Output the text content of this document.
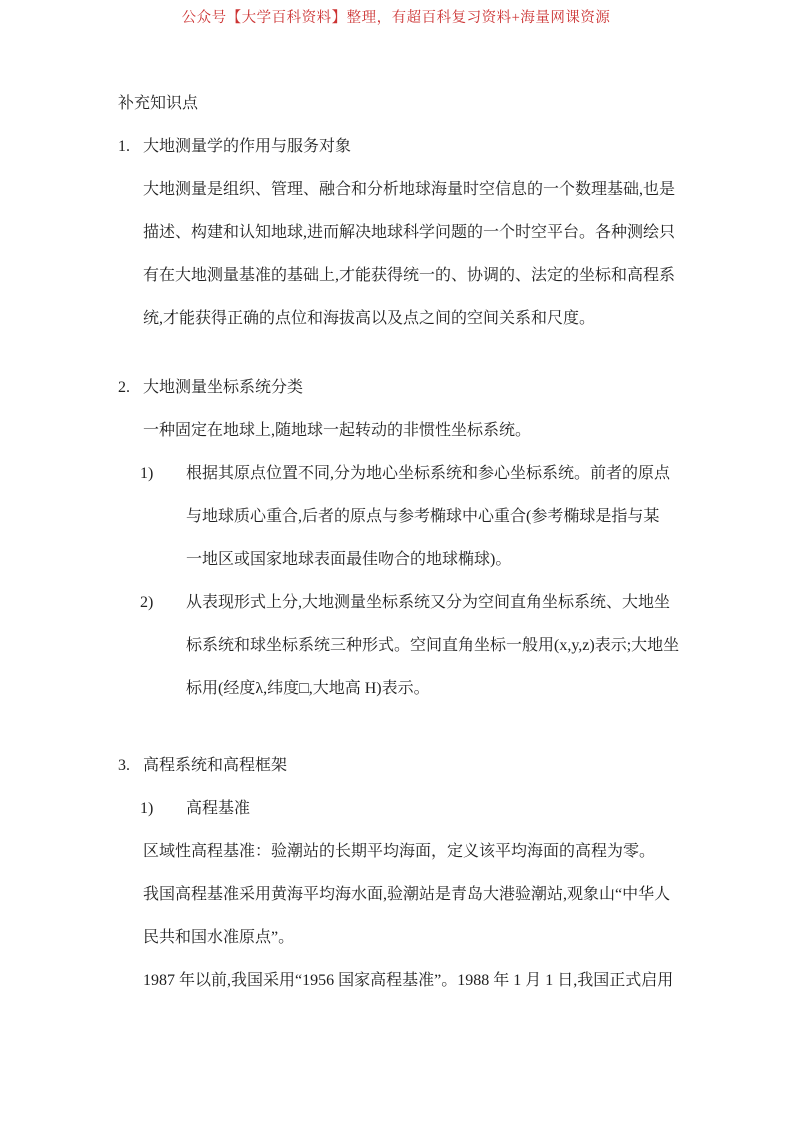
公众号【大学百科资料】整理，有超百科复习资料+海量网课资源
补充知识点
1. 大地测量学的作用与服务对象
大地测量是组织、管理、融合和分析地球海量时空信息的一个数理基础,也是
描述、构建和认知地球,进而解决地球科学问题的一个时空平台。各种测绘只
有在大地测量基准的基础上,才能获得统一的、协调的、法定的坐标和高程系
统,才能获得正确的点位和海拔高以及点之间的空间关系和尺度。
2. 大地测量坐标系统分类
一种固定在地球上,随地球一起转动的非惯性坐标系统。
1) 根据其原点位置不同,分为地心坐标系统和参心坐标系统。前者的原点
与地球质心重合,后者的原点与参考椭球中心重合(参考椭球是指与某
一地区或国家地球表面最佳吻合的地球椭球)。
2) 从表现形式上分,大地测量坐标系统又分为空间直角坐标系统、大地坐
标系统和球坐标系统三种形式。空间直角坐标一般用(x,y,z)表示;大地坐
标用(经度λ,纬度□,大地高 H)表示。
3. 高程系统和高程框架
1) 高程基准
区域性高程基准：验潮站的长期平均海面，定义该平均海面的高程为零。
我国高程基准采用黄海平均海水面,验潮站是青岛大港验潮站,观象山“中华人
民共和国水准原点”。
1987 年以前,我国采用“1956 国家高程基准”。1988 年 1 月 1 日,我国正式启用
